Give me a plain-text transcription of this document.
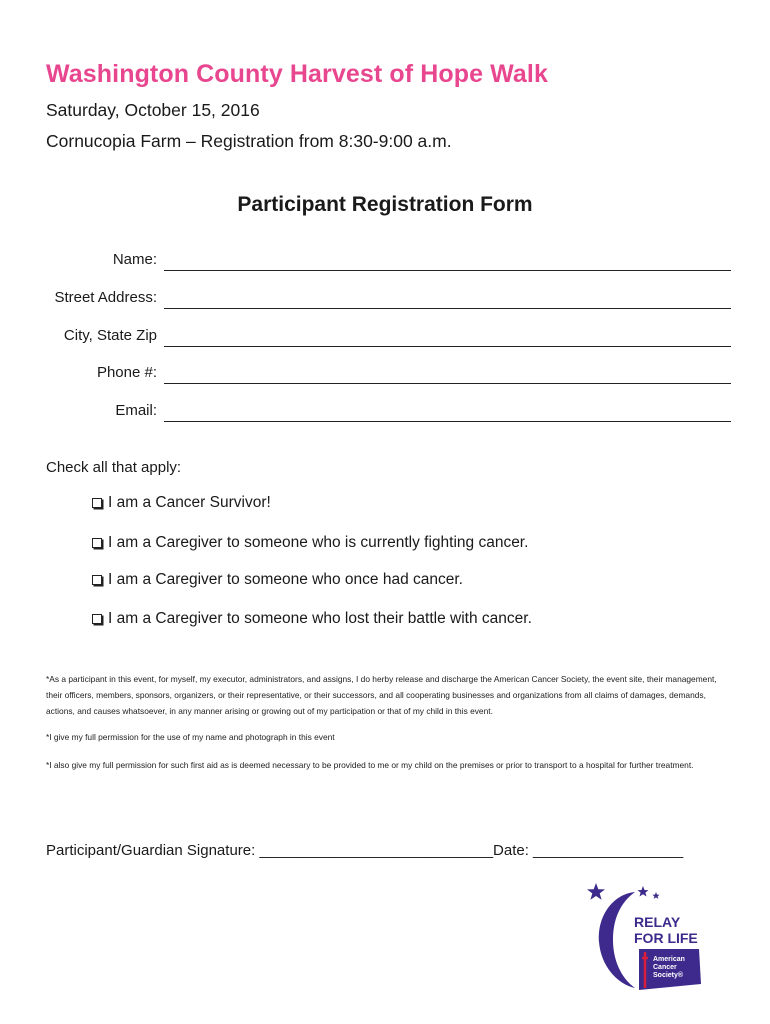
Washington County Harvest of Hope Walk
Saturday, October 15, 2016
Cornucopia Farm – Registration from 8:30-9:00 a.m.
Participant Registration Form
Name:
Street Address:
City, State Zip
Phone #:
Email:
Check all that apply:
I am a Cancer Survivor!
I am a Caregiver to someone who is currently fighting cancer.
I am a Caregiver to someone who once had cancer.
I am a Caregiver to someone who lost their battle with cancer.
*As a participant in this event, for myself, my executor, administrators, and assigns, I do herby release and discharge the American Cancer Society, the event site, their management, their officers, members, sponsors, organizers, or their representative, or their successors, and all cooperating businesses and organizations from all claims of damages, demands, actions, and causes whatsoever, in any manner arising or growing out of my participation or that of my child in this event.
*I give my full permission for the use of my name and photograph in this event
*I also give my full permission for such first aid as is deemed necessary to be provided to me or my child on the premises or prior to transport to a hospital for further treatment.
Participant/Guardian Signature: ____________________________Date: __________________
RELAY
FOR LIFE
American
Cancer
Society®
